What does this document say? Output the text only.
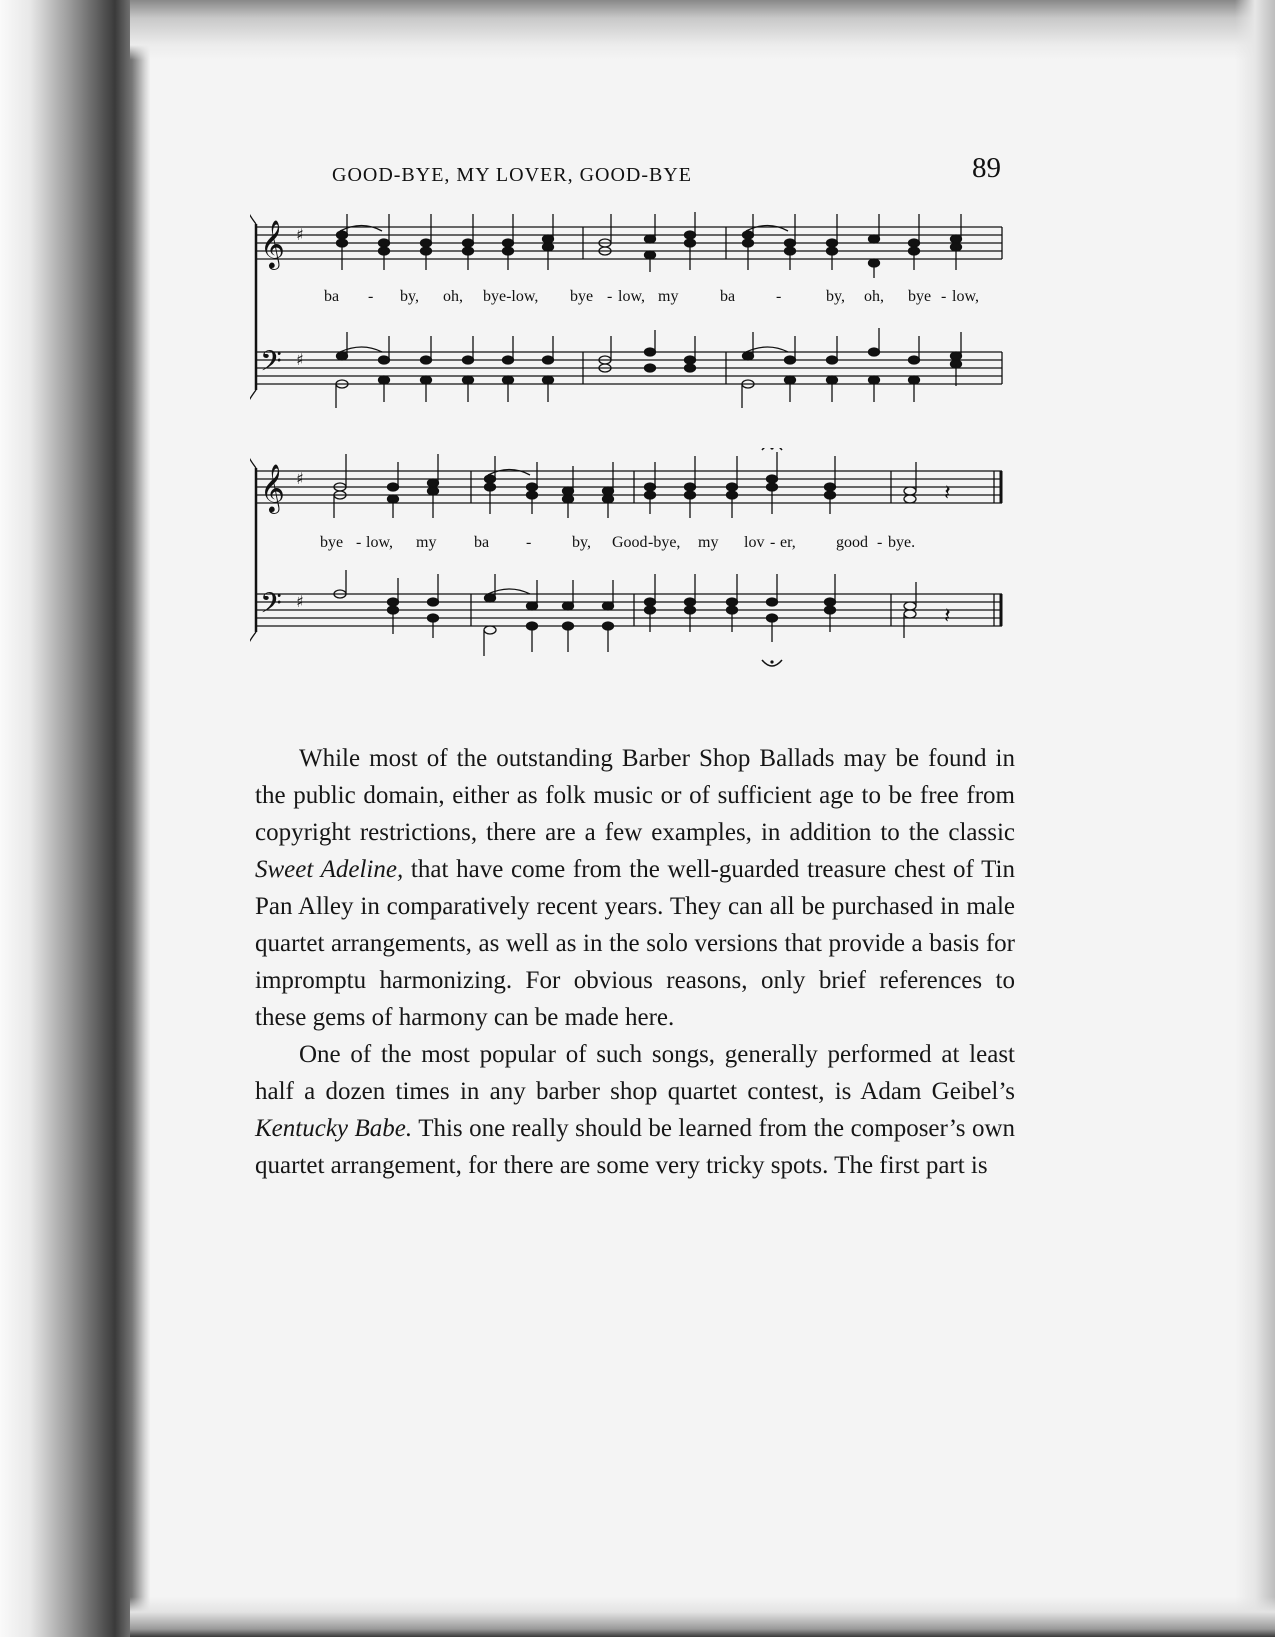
GOOD-BYE, MY LOVER, GOOD-BYE	89
𝄞 ♯
𝄢 ♯
ba - by, oh, bye-low, bye - low, my	ba	-	by, oh, bye - low,
𝄞 ♯
𝄢 ♯
𝄽
𝄽
bye - low, my ba -	by, Good -bye, my lov - er,	good - bye.

While most of the outstanding Barber Shop Ballads may be found in the public domain, either as folk music or of sufficient age to be free from copyright restrictions, there are a few examples, in addition to the classic Sweet Adeline, that have come from the well-guarded treasure chest of Tin Pan Alley in comparatively recent years. They can all be purchased in male quartet arrangements, as well as in the solo versions that provide a basis for impromptu harmonizing. For obvious reasons, only brief references to these gems of harmony can be made here.

One of the most popular of such songs, generally performed at least half a dozen times in any barber shop quartet contest, is Adam Geibel’s Kentucky Babe. This one really should be learned from the composer’s own quartet arrangement, for there are some very tricky spots. The first part is
